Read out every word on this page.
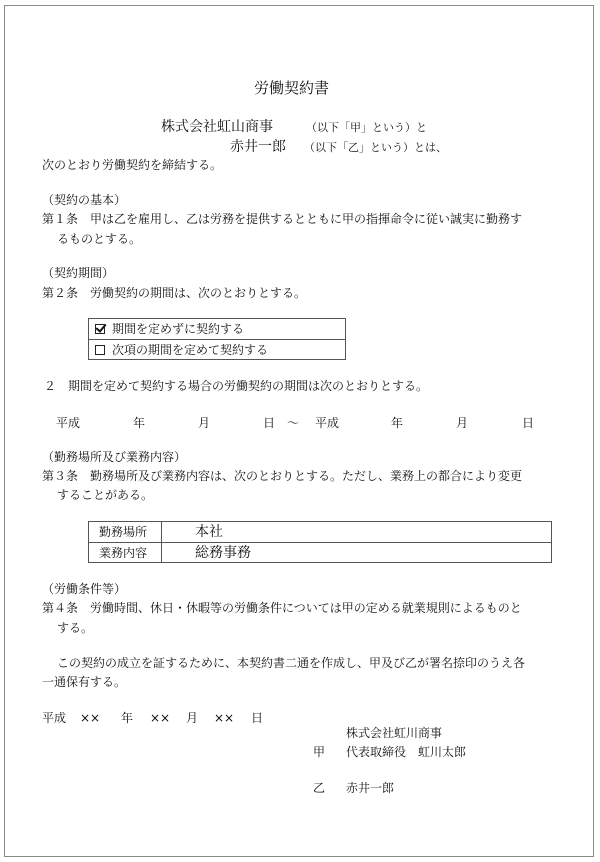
労働契約書
株式会社虹山商事	（以下「甲」という）と
赤井一郎 （以下「乙」という）とは、
次のとおり労働契約を締結する。
（契約の基本）
第１条　甲は乙を雇用し、乙は労務を提供するとともに甲の指揮命令に従い誠実に勤務す
るものとする。
（契約期間）
第２条　労働契約の期間は、次のとおりとする。
期間を定めずに契約する
次項の期間を定めて契約する
２　期間を定めて契約する場合の労働契約の期間は次のとおりとする。
平成	年	月	日 ～ 平成	年	月	日
（勤務場所及び業務内容）
第３条　勤務場所及び業務内容は、次のとおりとする。ただし、業務上の都合により変更
することがある。
勤務場所	本社
業務内容	総務事務
（労働条件等）
第４条　労働時間、休日・休暇等の労働条件については甲の定める就業規則によるものと
する。
この契約の成立を証するために、本契約書二通を作成し、甲及び乙が署名捺印のうえ各
一通保有する。
平成 ×× 年 ×× 月 ×× 日
株式会社虹川商事
甲 代表取締役　虹川太郎
乙 赤井一郎
